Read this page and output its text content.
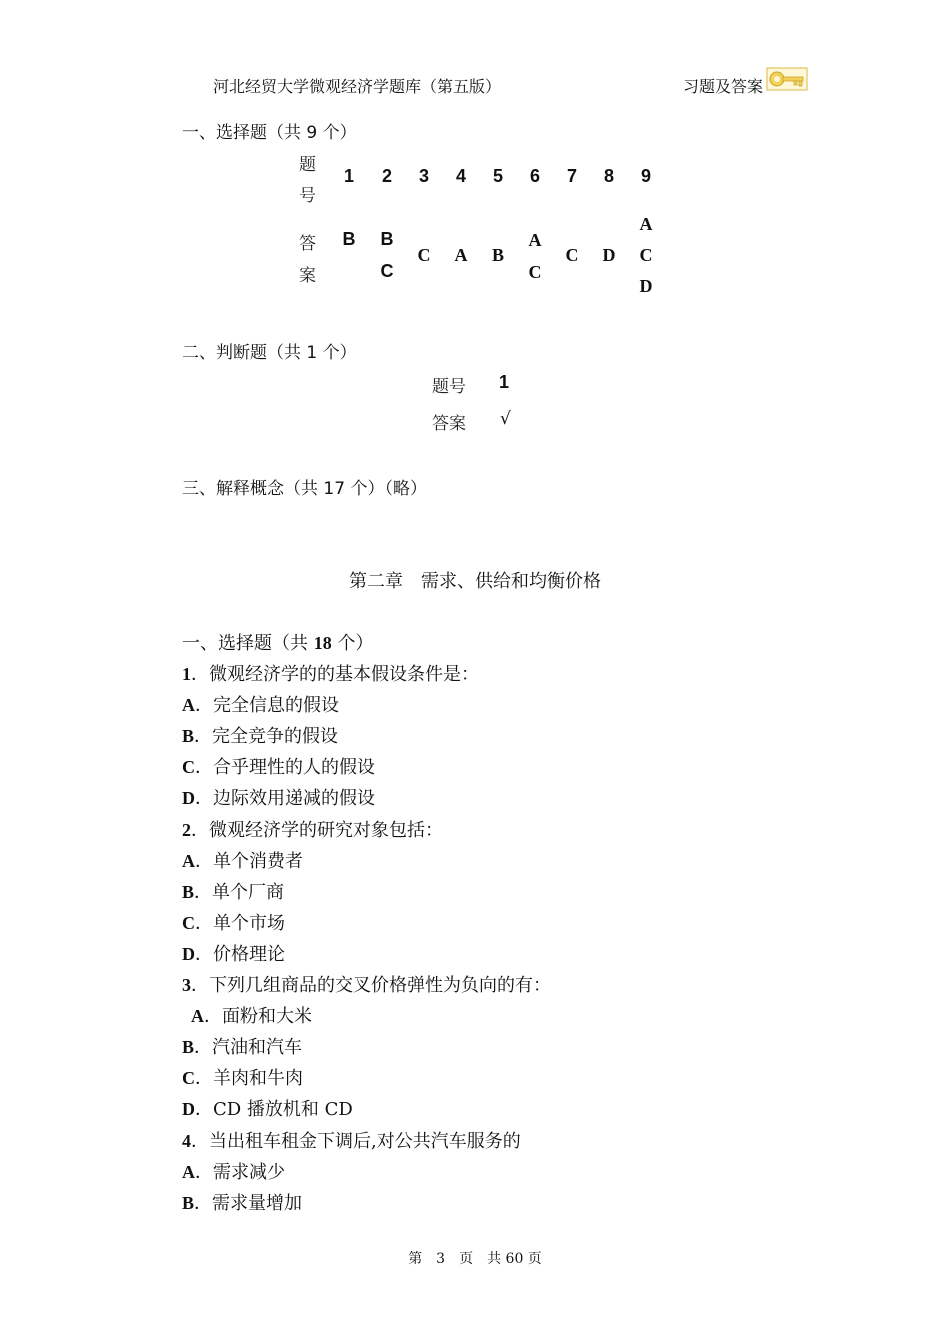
河北经贸大学微观经济学题库（第五版）	习题及答案
一、选择题（共 9 个）
题
号
答
案
1 2 3 4 5 6 7 8 9
B B
C
C A B
A
C
C D
A
C
D
二、判断题（共 1 个）
题号 1
答案 √
三、解释概念（共 17 个）（略）
第二章　需求、供给和均衡价格
一、选择题（共 18 个）
1．微观经济学的的基本假设条件是：
A．完全信息的假设
B．完全竞争的假设
C．合乎理性的人的假设
D．边际效用递减的假设
2．微观经济学的研究对象包括：
A．单个消费者
B．单个厂商
C．单个市场
D．价格理论
3．下列几组商品的交叉价格弹性为负向的有：
A．面粉和大米
B．汽油和汽车
C．羊肉和牛肉
D．CD 播放机和 CD
4．当出租车租金下调后,对公共汽车服务的
A．需求减少
B．需求量增加
第　3　页　共 60 页
